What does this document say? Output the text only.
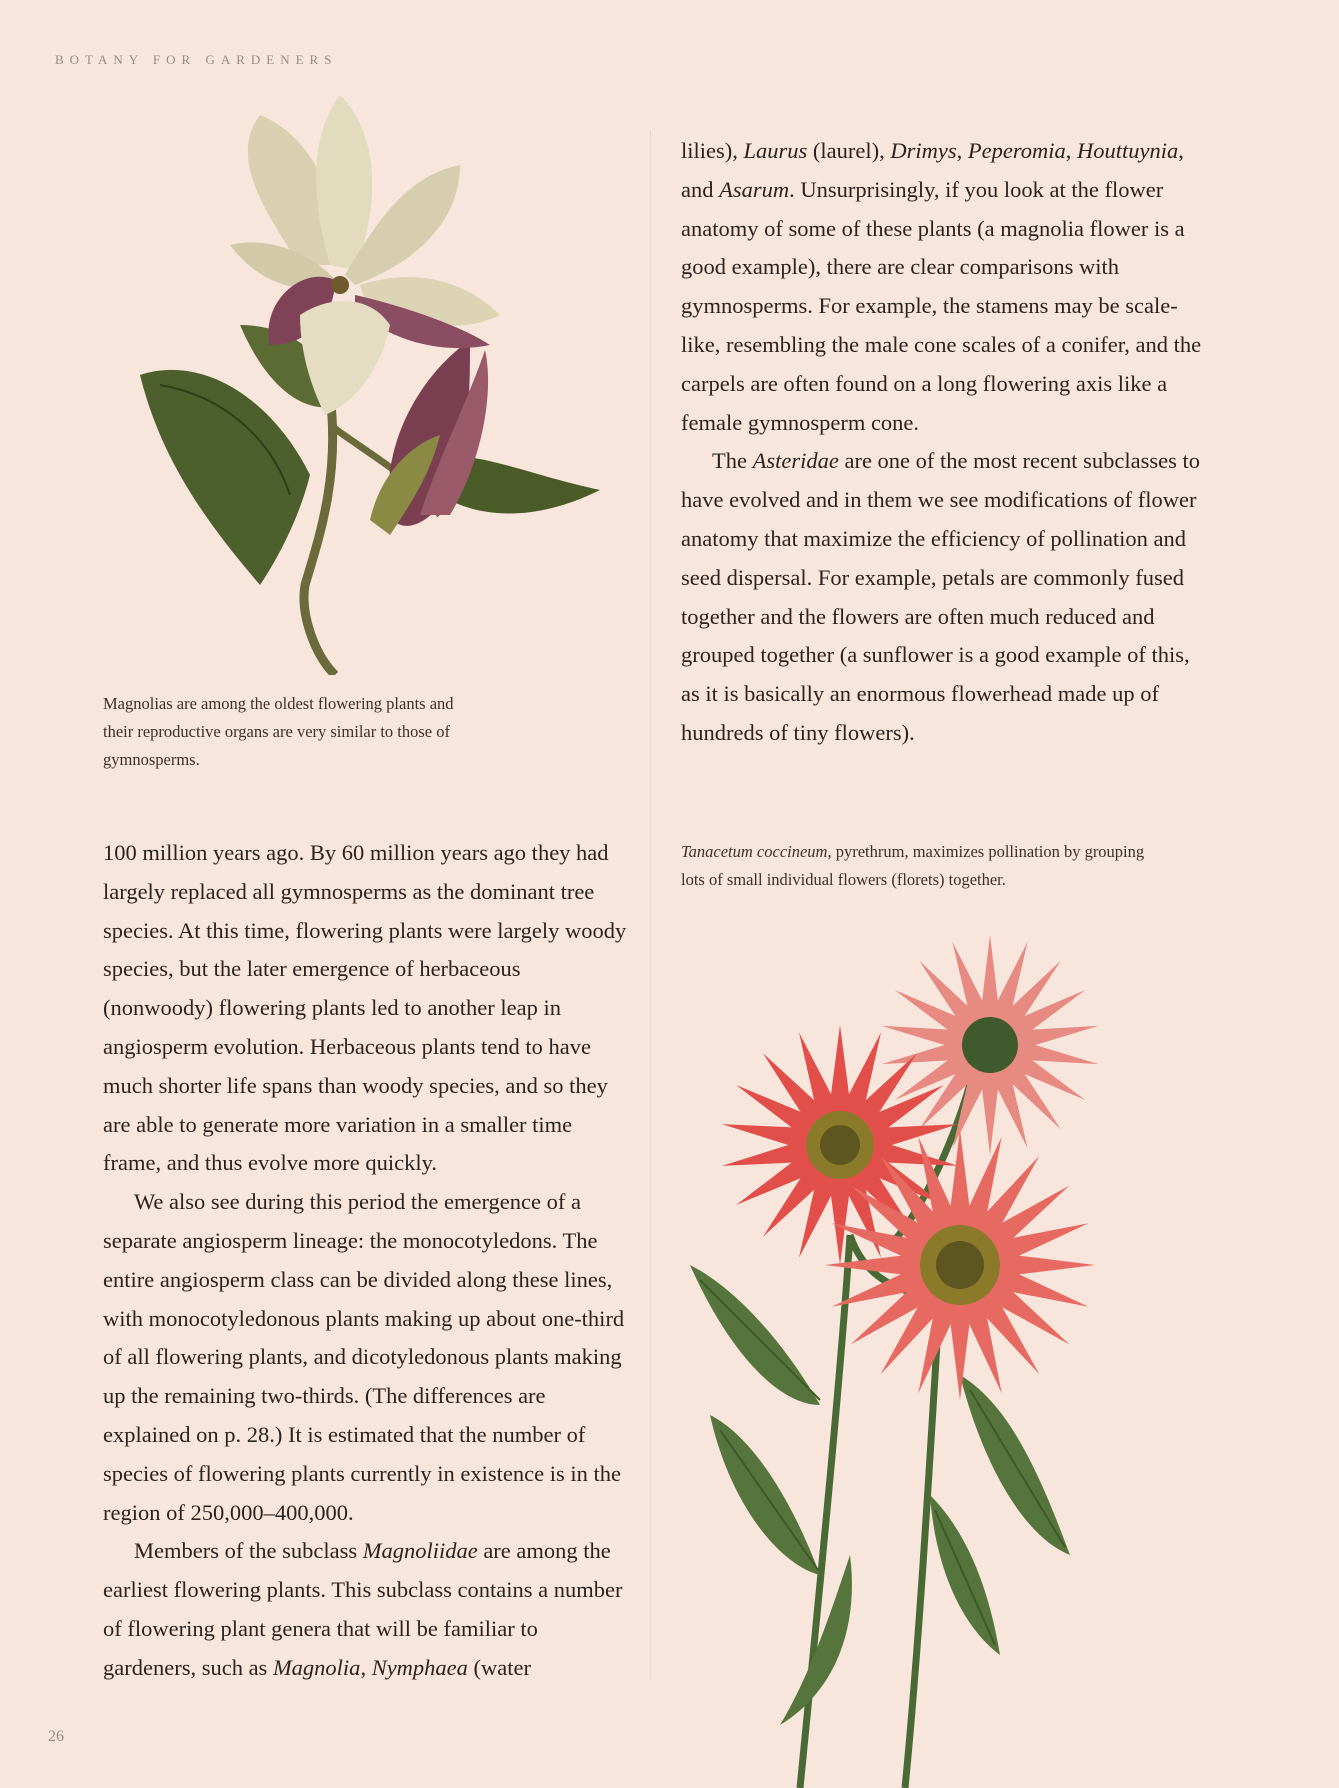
BOTANY FOR GARDENERS
Magnolias are among the oldest flowering plants and their reproductive organs are very similar to those of gymnosperms.

100 million years ago. By 60 million years ago they had largely replaced all gymnosperms as the dominant tree species. At this time, flowering plants were largely woody species, but the later emergence of herbaceous (nonwoody) flowering plants led to another leap in angiosperm evolution. Herbaceous plants tend to have much shorter life spans than woody species, and so they are able to generate more variation in a smaller time frame, and thus evolve more quickly.

We also see during this period the emergence of a separate angiosperm lineage: the monocotyledons. The entire angiosperm class can be divided along these lines, with monocotyledonous plants making up about one-third of all flowering plants, and dicotyledonous plants making up the remaining two-thirds. (The differences are explained on p. 28.) It is estimated that the number of species of flowering plants currently in existence is in the region of 250,000–400,000.

Members of the subclass Magnoliidae are among the earliest flowering plants. This subclass contains a number of flowering plant genera that will be familiar to gardeners, such as Magnolia, Nymphaea (water

lilies), Laurus (laurel), Drimys, Peperomia, Houttuynia, and Asarum. Unsurprisingly, if you look at the flower anatomy of some of these plants (a magnolia flower is a good example), there are clear comparisons with gymnosperms. For example, the stamens may be scale-like, resembling the male cone scales of a conifer, and the carpels are often found on a long flowering axis like a female gymnosperm cone.

The Asteridae are one of the most recent subclasses to have evolved and in them we see modifications of flower anatomy that maximize the efficiency of pollination and seed dispersal. For example, petals are commonly fused together and the flowers are often much reduced and grouped together (a sunflower is a good example of this, as it is basically an enormous flowerhead made up of hundreds of tiny flowers).

Tanacetum coccineum, pyrethrum, maximizes pollination by grouping lots of small individual flowers (florets) together.
26
